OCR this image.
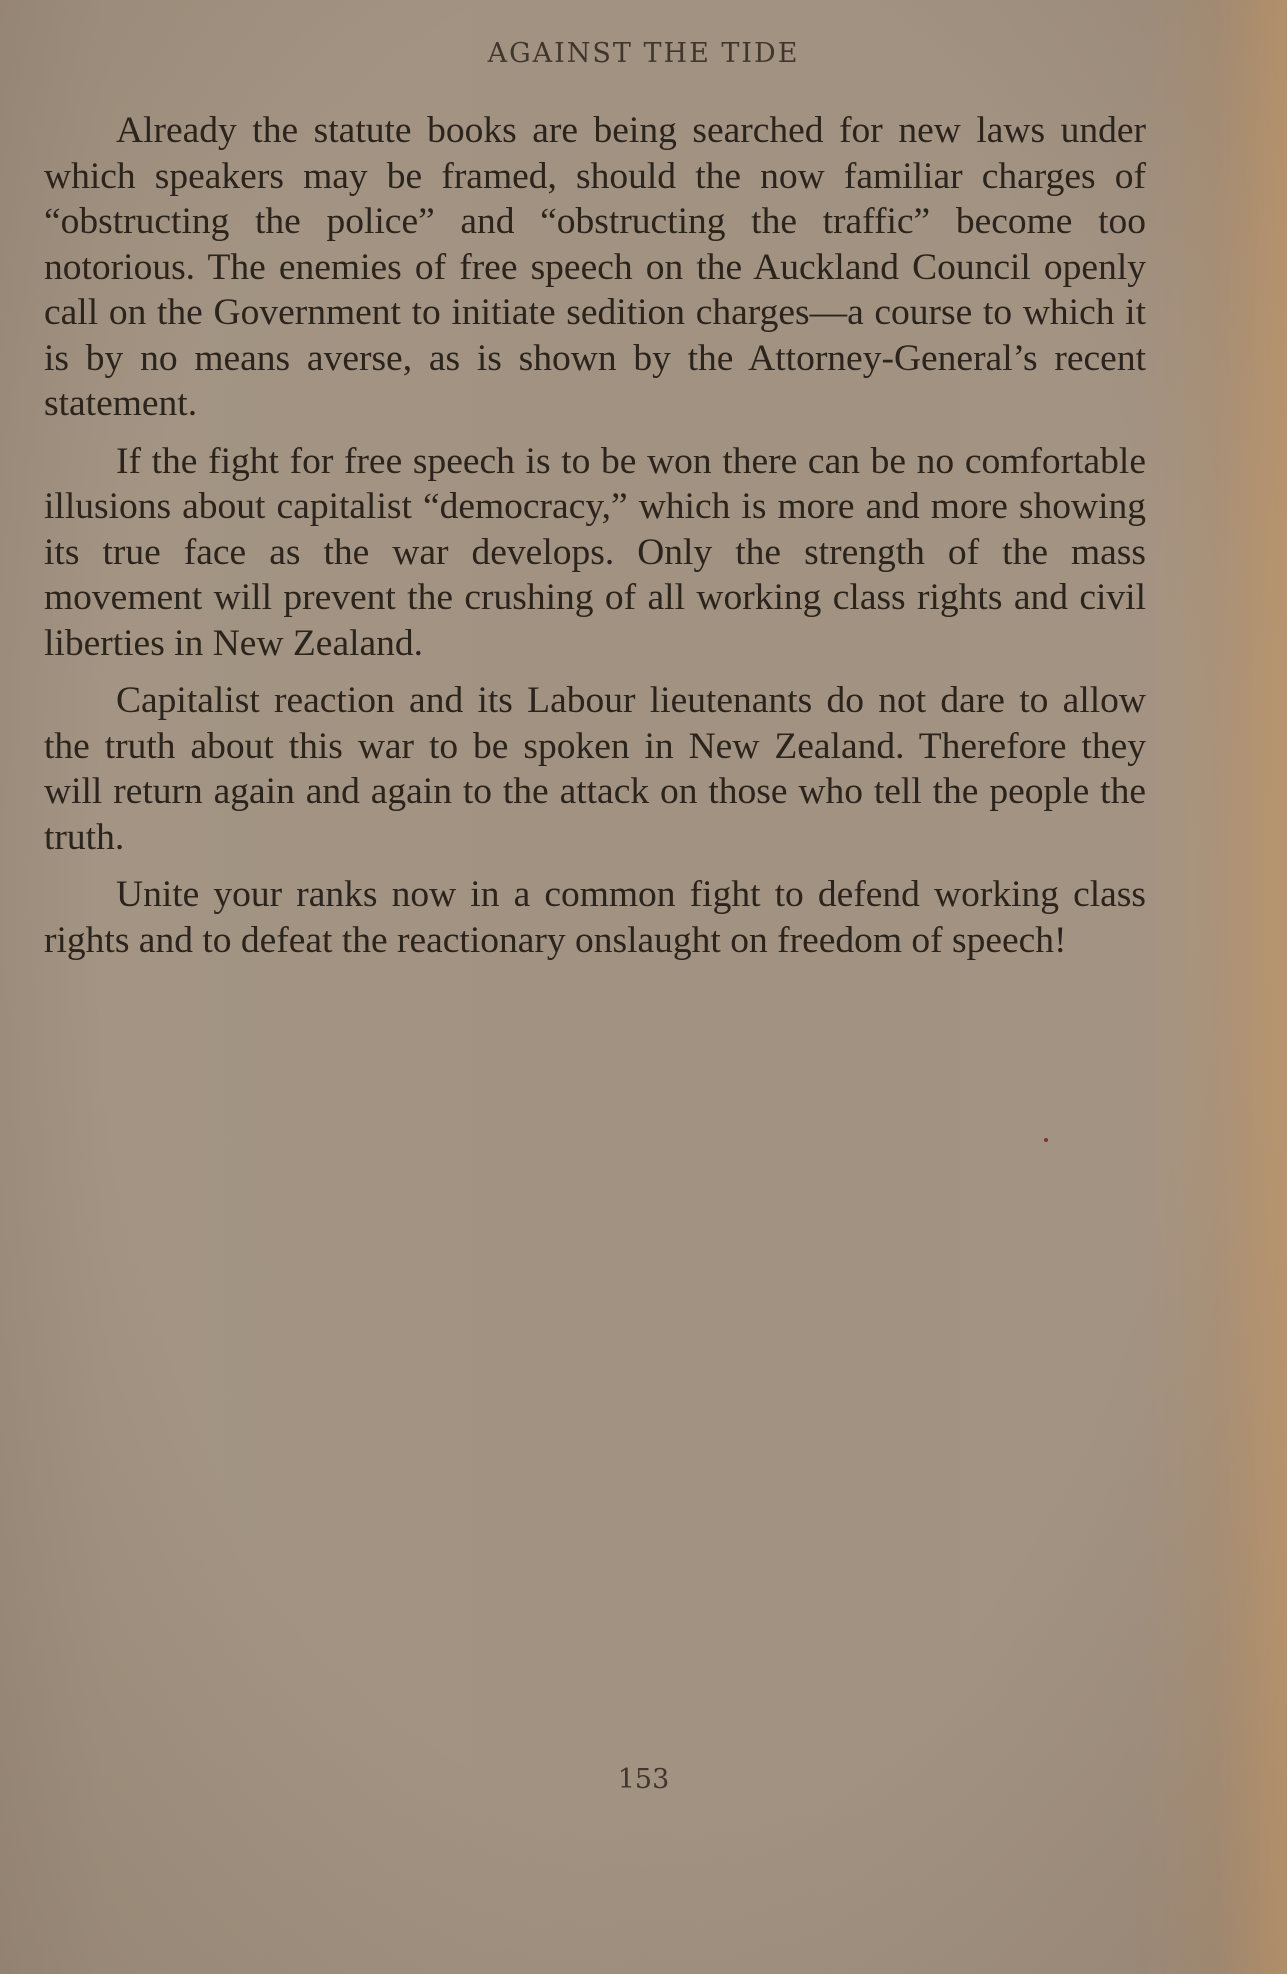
AGAINST THE TIDE

Already the statute books are being searched for new laws under which speakers may be framed, should the now familiar charges of “obstructing the police” and “obstructing the traffic” become too notorious. The enemies of free speech on the Auckland Council openly call on the Government to initiate sedition charges—a course to which it is by no means averse, as is shown by the Attorney-General’s recent statement.

If the fight for free speech is to be won there can be no comfortable illusions about capitalist “democracy,” which is more and more showing its true face as the war develops. Only the strength of the mass movement will prevent the crushing of all working class rights and civil liberties in New Zealand.

Capitalist reaction and its Labour lieutenants do not dare to allow the truth about this war to be spoken in New Zealand. Therefore they will return again and again to the attack on those who tell the people the truth.

Unite your ranks now in a common fight to defend working class rights and to defeat the reactionary onslaught on freedom of speech!

153
